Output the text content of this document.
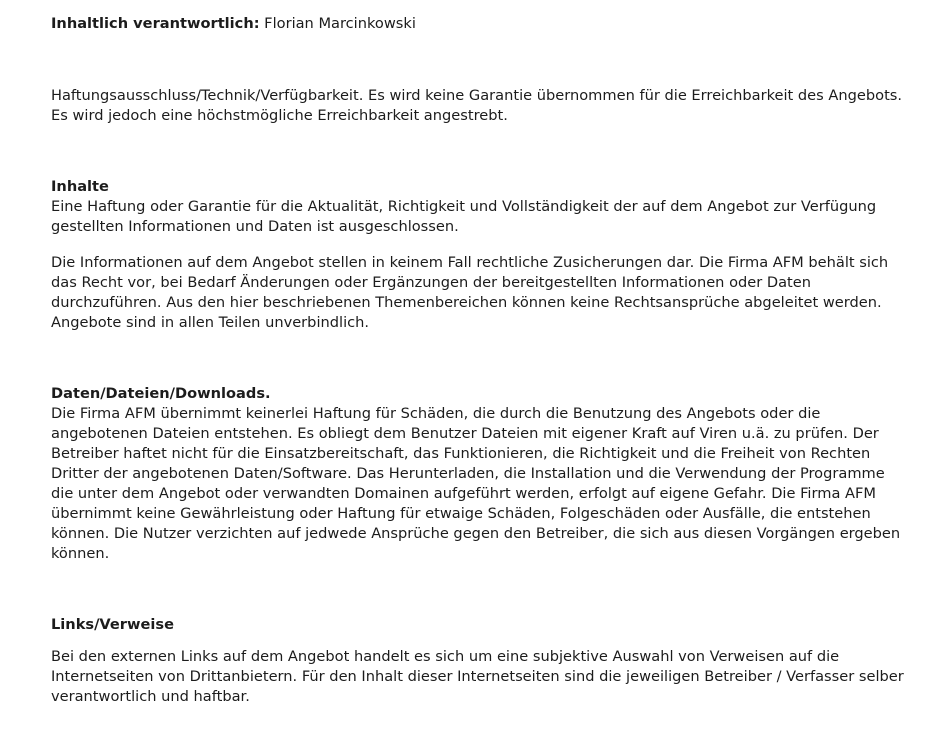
Inhaltlich verantwortlich: Florian Marcinkowski

Haftungsausschluss/Technik/Verfügbarkeit. Es wird keine Garantie übernommen für die Erreichbarkeit des Angebots. Es wird jedoch eine höchstmögliche Erreichbarkeit angestrebt.

Inhalte
Eine Haftung oder Garantie für die Aktualität, Richtigkeit und Vollständigkeit der auf dem Angebot zur Verfügung gestellten Informationen und Daten ist ausgeschlossen.

Die Informationen auf dem Angebot stellen in keinem Fall rechtliche Zusicherungen dar. Die Firma AFM behält sich das Recht vor, bei Bedarf Änderungen oder Ergänzungen der bereitgestellten Informationen oder Daten durchzuführen. Aus den hier beschriebenen Themenbereichen können keine Rechtsansprüche abgeleitet werden. Angebote sind in allen Teilen unverbindlich.

Daten/Dateien/Downloads.
Die Firma AFM übernimmt keinerlei Haftung für Schäden, die durch die Benutzung des Angebots oder die angebotenen Dateien entstehen. Es obliegt dem Benutzer Dateien mit eigener Kraft auf Viren u.ä. zu prüfen. Der Betreiber haftet nicht für die Einsatzbereitschaft, das Funktionieren, die Richtigkeit und die Freiheit von Rechten Dritter der angebotenen Daten/Software. Das Herunterladen, die Installation und die Verwendung der Programme die unter dem Angebot oder verwandten Domainen aufgeführt werden, erfolgt auf eigene Gefahr. Die Firma AFM übernimmt keine Gewährleistung oder Haftung für etwaige Schäden, Folgeschäden oder Ausfälle, die entstehen können. Die Nutzer verzichten auf jedwede Ansprüche gegen den Betreiber, die sich aus diesen Vorgängen ergeben können.
Links/Verweise

Bei den externen Links auf dem Angebot handelt es sich um eine subjektive Auswahl von Verweisen auf die Internetseiten von Drittanbietern. Für den Inhalt dieser Internetseiten sind die jeweiligen Betreiber / Verfasser selber verantwortlich und haftbar.
